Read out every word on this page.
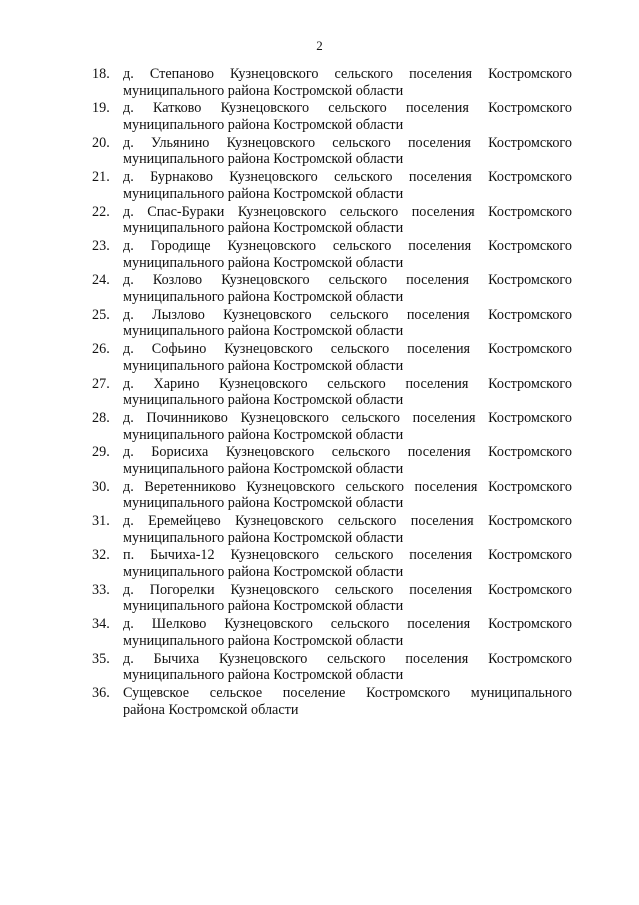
2
18. д. Степаново Кузнецовского сельского поселения Костромского
муниципального района Костромской области
19. д. Катково Кузнецовского сельского поселения Костромского
муниципального района Костромской области
20. д. Ульянино Кузнецовского сельского поселения Костромского
муниципального района Костромской области
21. д. Бурнаково Кузнецовского сельского поселения Костромского
муниципального района Костромской области
22. д. Спас-Бураки Кузнецовского сельского поселения Костромского
муниципального района Костромской области
23. д. Городище Кузнецовского сельского поселения Костромского
муниципального района Костромской области
24. д. Козлово Кузнецовского сельского поселения Костромского
муниципального района Костромской области
25. д. Лызлово Кузнецовского сельского поселения Костромского
муниципального района Костромской области
26. д. Софьино Кузнецовского сельского поселения Костромского
муниципального района Костромской области
27. д. Харино Кузнецовского сельского поселения Костромского
муниципального района Костромской области
28. д. Починниково Кузнецовского сельского поселения Костромского
муниципального района Костромской области
29. д. Борисиха Кузнецовского сельского поселения Костромского
муниципального района Костромской области
30. д. Веретенниково Кузнецовского сельского поселения Костромского
муниципального района Костромской области
31. д. Еремейцево Кузнецовского сельского поселения Костромского
муниципального района Костромской области
32. п. Бычиха-12 Кузнецовского сельского поселения Костромского
муниципального района Костромской области
33. д. Погорелки Кузнецовского сельского поселения Костромского
муниципального района Костромской области
34. д. Шелково Кузнецовского сельского поселения Костромского
муниципального района Костромской области
35. д. Бычиха Кузнецовского сельского поселения Костромского
муниципального района Костромской области
36. Сущевское сельское поселение Костромского муниципального
района Костромской области
